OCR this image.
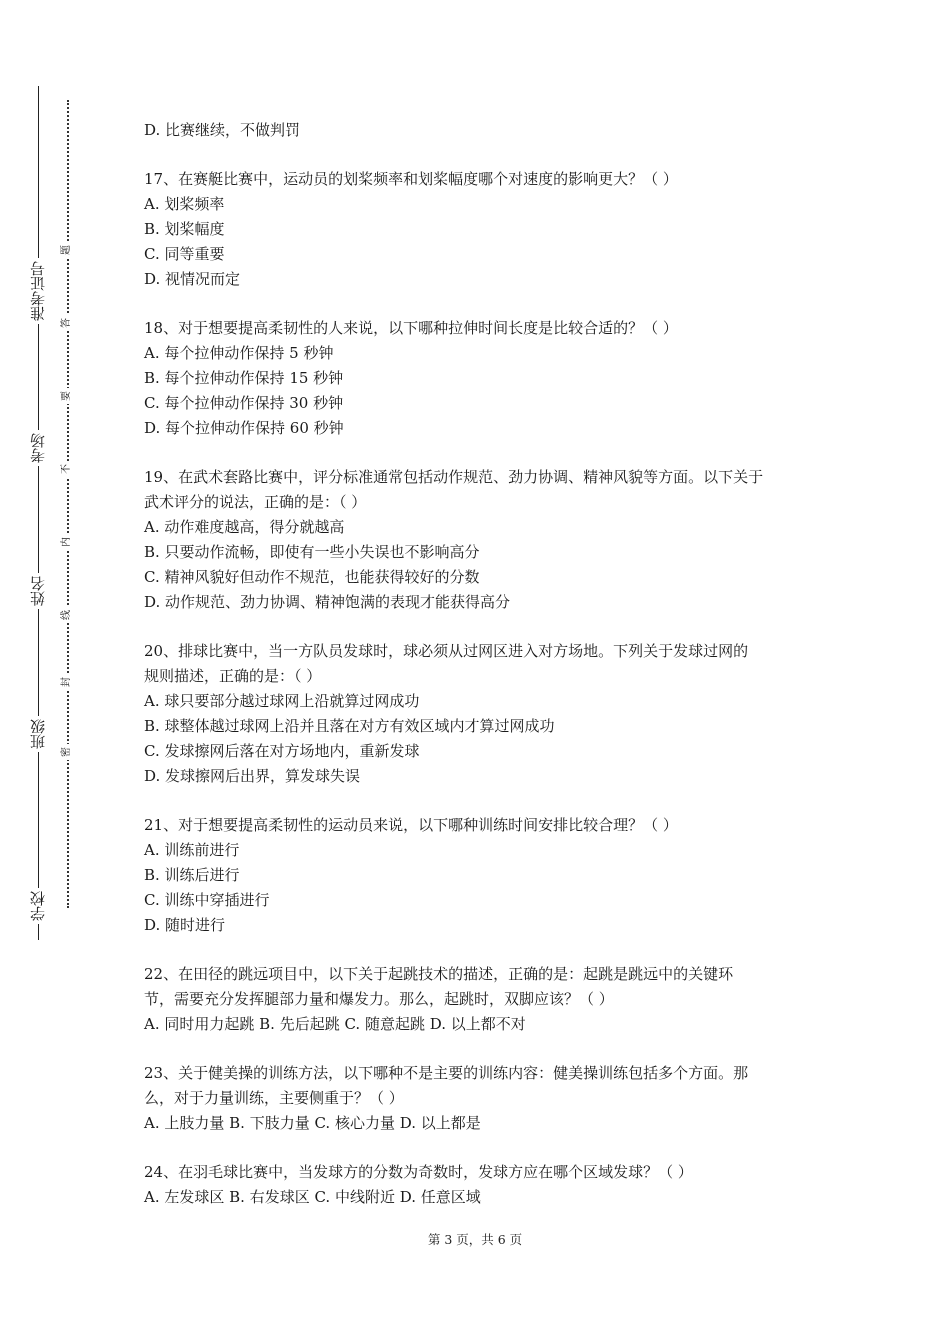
准考证号
考场
姓名
班级
学校
题
答
要
不
内
线
封
密
D. 比赛继续，不做判罚
17、在赛艇比赛中，运动员的划桨频率和划桨幅度哪个对速度的影响更大？（ ）
A. 划桨频率
B. 划桨幅度
C. 同等重要
D. 视情况而定
18、对于想要提高柔韧性的人来说，以下哪种拉伸时间长度是比较合适的？（ ）
A. 每个拉伸动作保持 5 秒钟
B. 每个拉伸动作保持 15 秒钟
C. 每个拉伸动作保持 30 秒钟
D. 每个拉伸动作保持 60 秒钟
19、在武术套路比赛中，评分标准通常包括动作规范、劲力协调、精神风貌等方面。以下关于
武术评分的说法，正确的是：（ ）
A. 动作难度越高，得分就越高
B. 只要动作流畅，即使有一些小失误也不影响高分
C. 精神风貌好但动作不规范，也能获得较好的分数
D. 动作规范、劲力协调、精神饱满的表现才能获得高分
20、排球比赛中，当一方队员发球时，球必须从过网区进入对方场地。下列关于发球过网的
规则描述，正确的是：（ ）
A. 球只要部分越过球网上沿就算过网成功
B. 球整体越过球网上沿并且落在对方有效区域内才算过网成功
C. 发球擦网后落在对方场地内，重新发球
D. 发球擦网后出界，算发球失误
21、对于想要提高柔韧性的运动员来说，以下哪种训练时间安排比较合理？（ ）
A. 训练前进行
B. 训练后进行
C. 训练中穿插进行
D. 随时进行
22、在田径的跳远项目中，以下关于起跳技术的描述，正确的是：起跳是跳远中的关键环
节，需要充分发挥腿部力量和爆发力。那么，起跳时，双脚应该？（ ）
A. 同时用力起跳 B. 先后起跳 C. 随意起跳 D. 以上都不对
23、关于健美操的训练方法，以下哪种不是主要的训练内容：健美操训练包括多个方面。那
么，对于力量训练，主要侧重于？（ ）
A. 上肢力量 B. 下肢力量 C. 核心力量 D. 以上都是
24、在羽毛球比赛中，当发球方的分数为奇数时，发球方应在哪个区域发球？（ ）
A. 左发球区 B. 右发球区 C. 中线附近 D. 任意区域
第 3 页，共 6 页
